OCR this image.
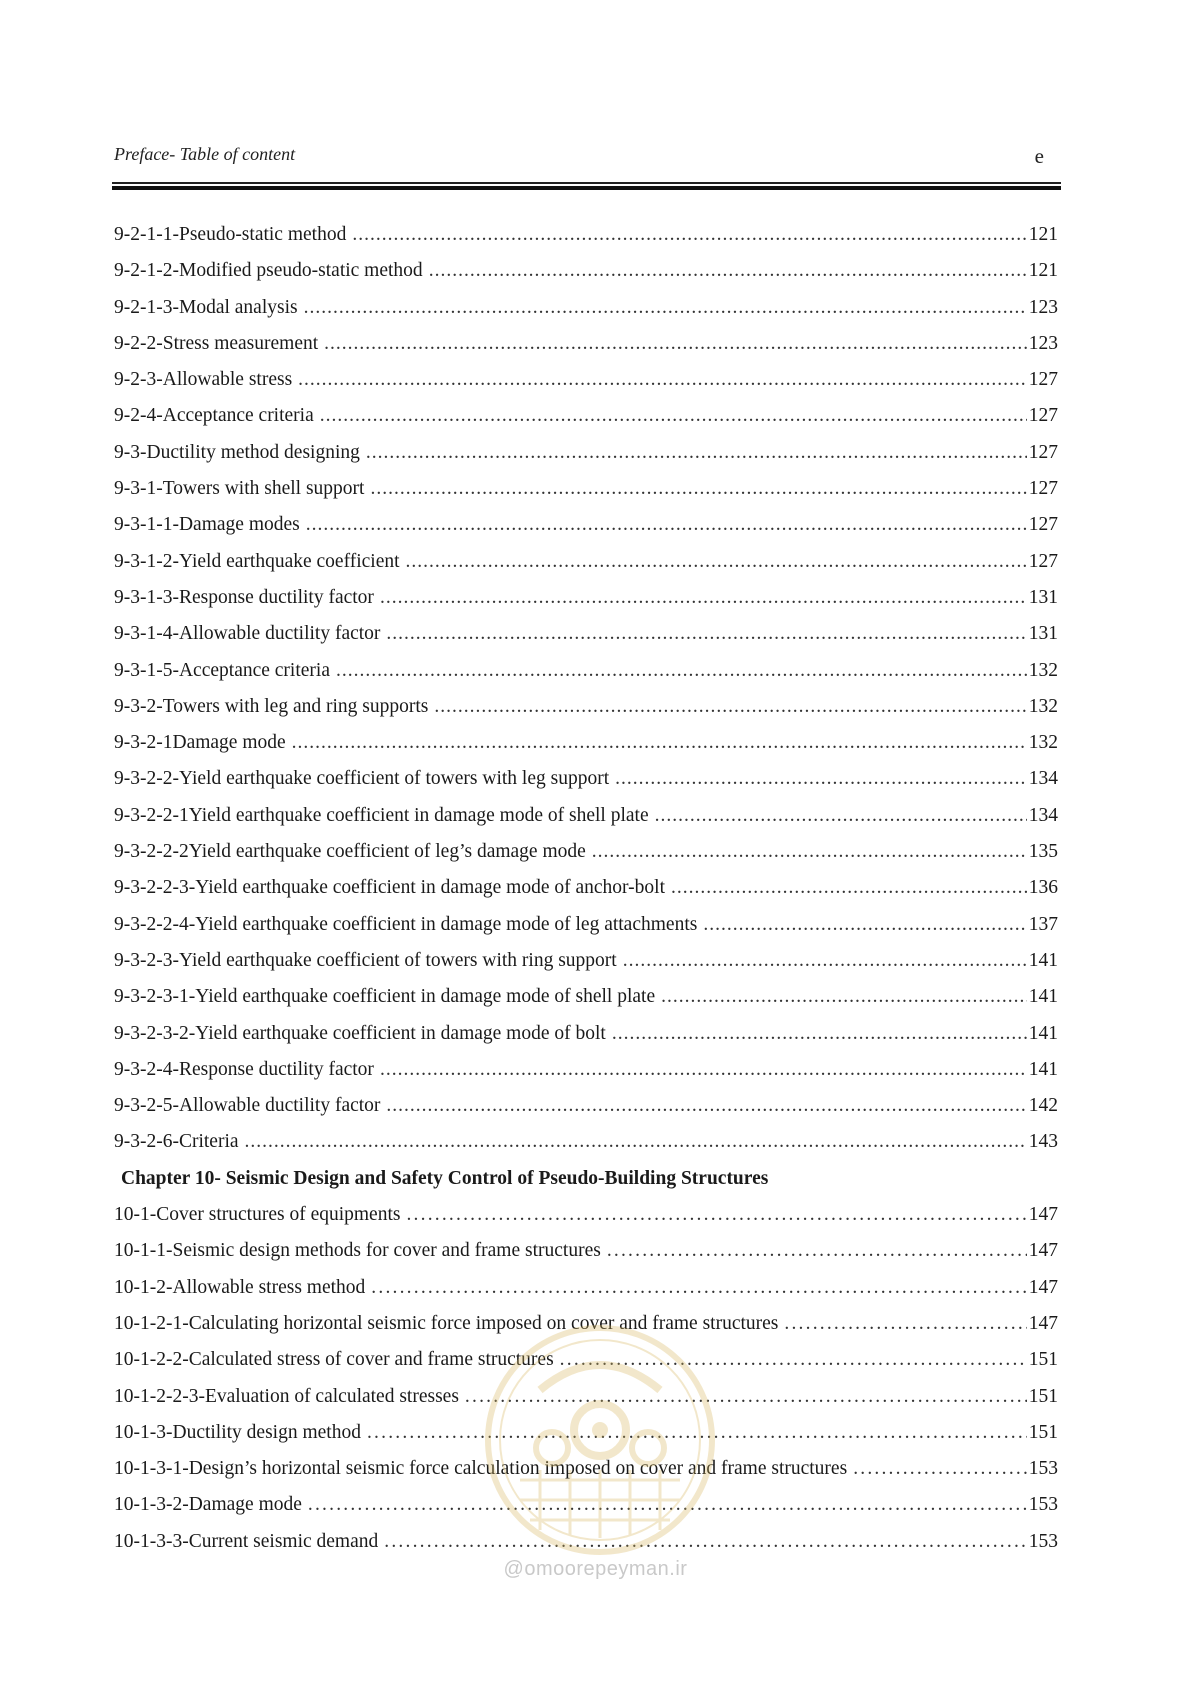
Preface- Table of content	e
9-2-1-1-Pseudo-static method .....	121
9-2-1-2-Modified pseudo-static method .....	121
9-2-1-3-Modal analysis .....	123
9-2-2-Stress measurement .....	123
9-2-3-Allowable stress .....	127
9-2-4-Acceptance criteria .....	127
9-3-Ductility method designing .....	127
9-3-1-Towers with shell support .....	127
9-3-1-1-Damage modes .....	127
9-3-1-2-Yield earthquake coefficient .....	127
9-3-1-3-Response ductility factor .....	131
9-3-1-4-Allowable ductility factor .....	131
9-3-1-5-Acceptance criteria .....	132
9-3-2-Towers with leg and ring supports .....	132
9-3-2-1Damage mode .....	132
9-3-2-2-Yield earthquake coefficient of towers with leg support .....	134
9-3-2-2-1Yield earthquake coefficient in damage mode of shell plate .....	134
9-3-2-2-2Yield earthquake coefficient of leg’s damage mode .....	135
9-3-2-2-3-Yield earthquake coefficient in damage mode of anchor-bolt .....	136
9-3-2-2-4-Yield earthquake coefficient in damage mode of leg attachments .....	137
9-3-2-3-Yield earthquake coefficient of towers with ring support .....	141
9-3-2-3-1-Yield earthquake coefficient in damage mode of shell plate .....	141
9-3-2-3-2-Yield earthquake coefficient in damage mode of bolt .....	141
9-3-2-4-Response ductility factor .....	141
9-3-2-5-Allowable ductility factor .....	142
9-3-2-6-Criteria .....	143
Chapter 10- Seismic Design and Safety Control of Pseudo-Building Structures
10-1-Cover structures of equipments .....	147
10-1-1-Seismic design methods for cover and frame structures .....	147
10-1-2-Allowable stress method .....	147
10-1-2-1-Calculating horizontal seismic force imposed on cover and frame structures .....	147
10-1-2-2-Calculated stress of cover and frame structures .....	151
10-1-2-2-3-Evaluation of calculated stresses .....	151
10-1-3-Ductility design method .....	151
10-1-3-1-Design’s horizontal seismic force calculation imposed on cover and frame structures .....	153
10-1-3-2-Damage mode .....	153
10-1-3-3-Current seismic demand .....	153
@omoorepeyman.ir
